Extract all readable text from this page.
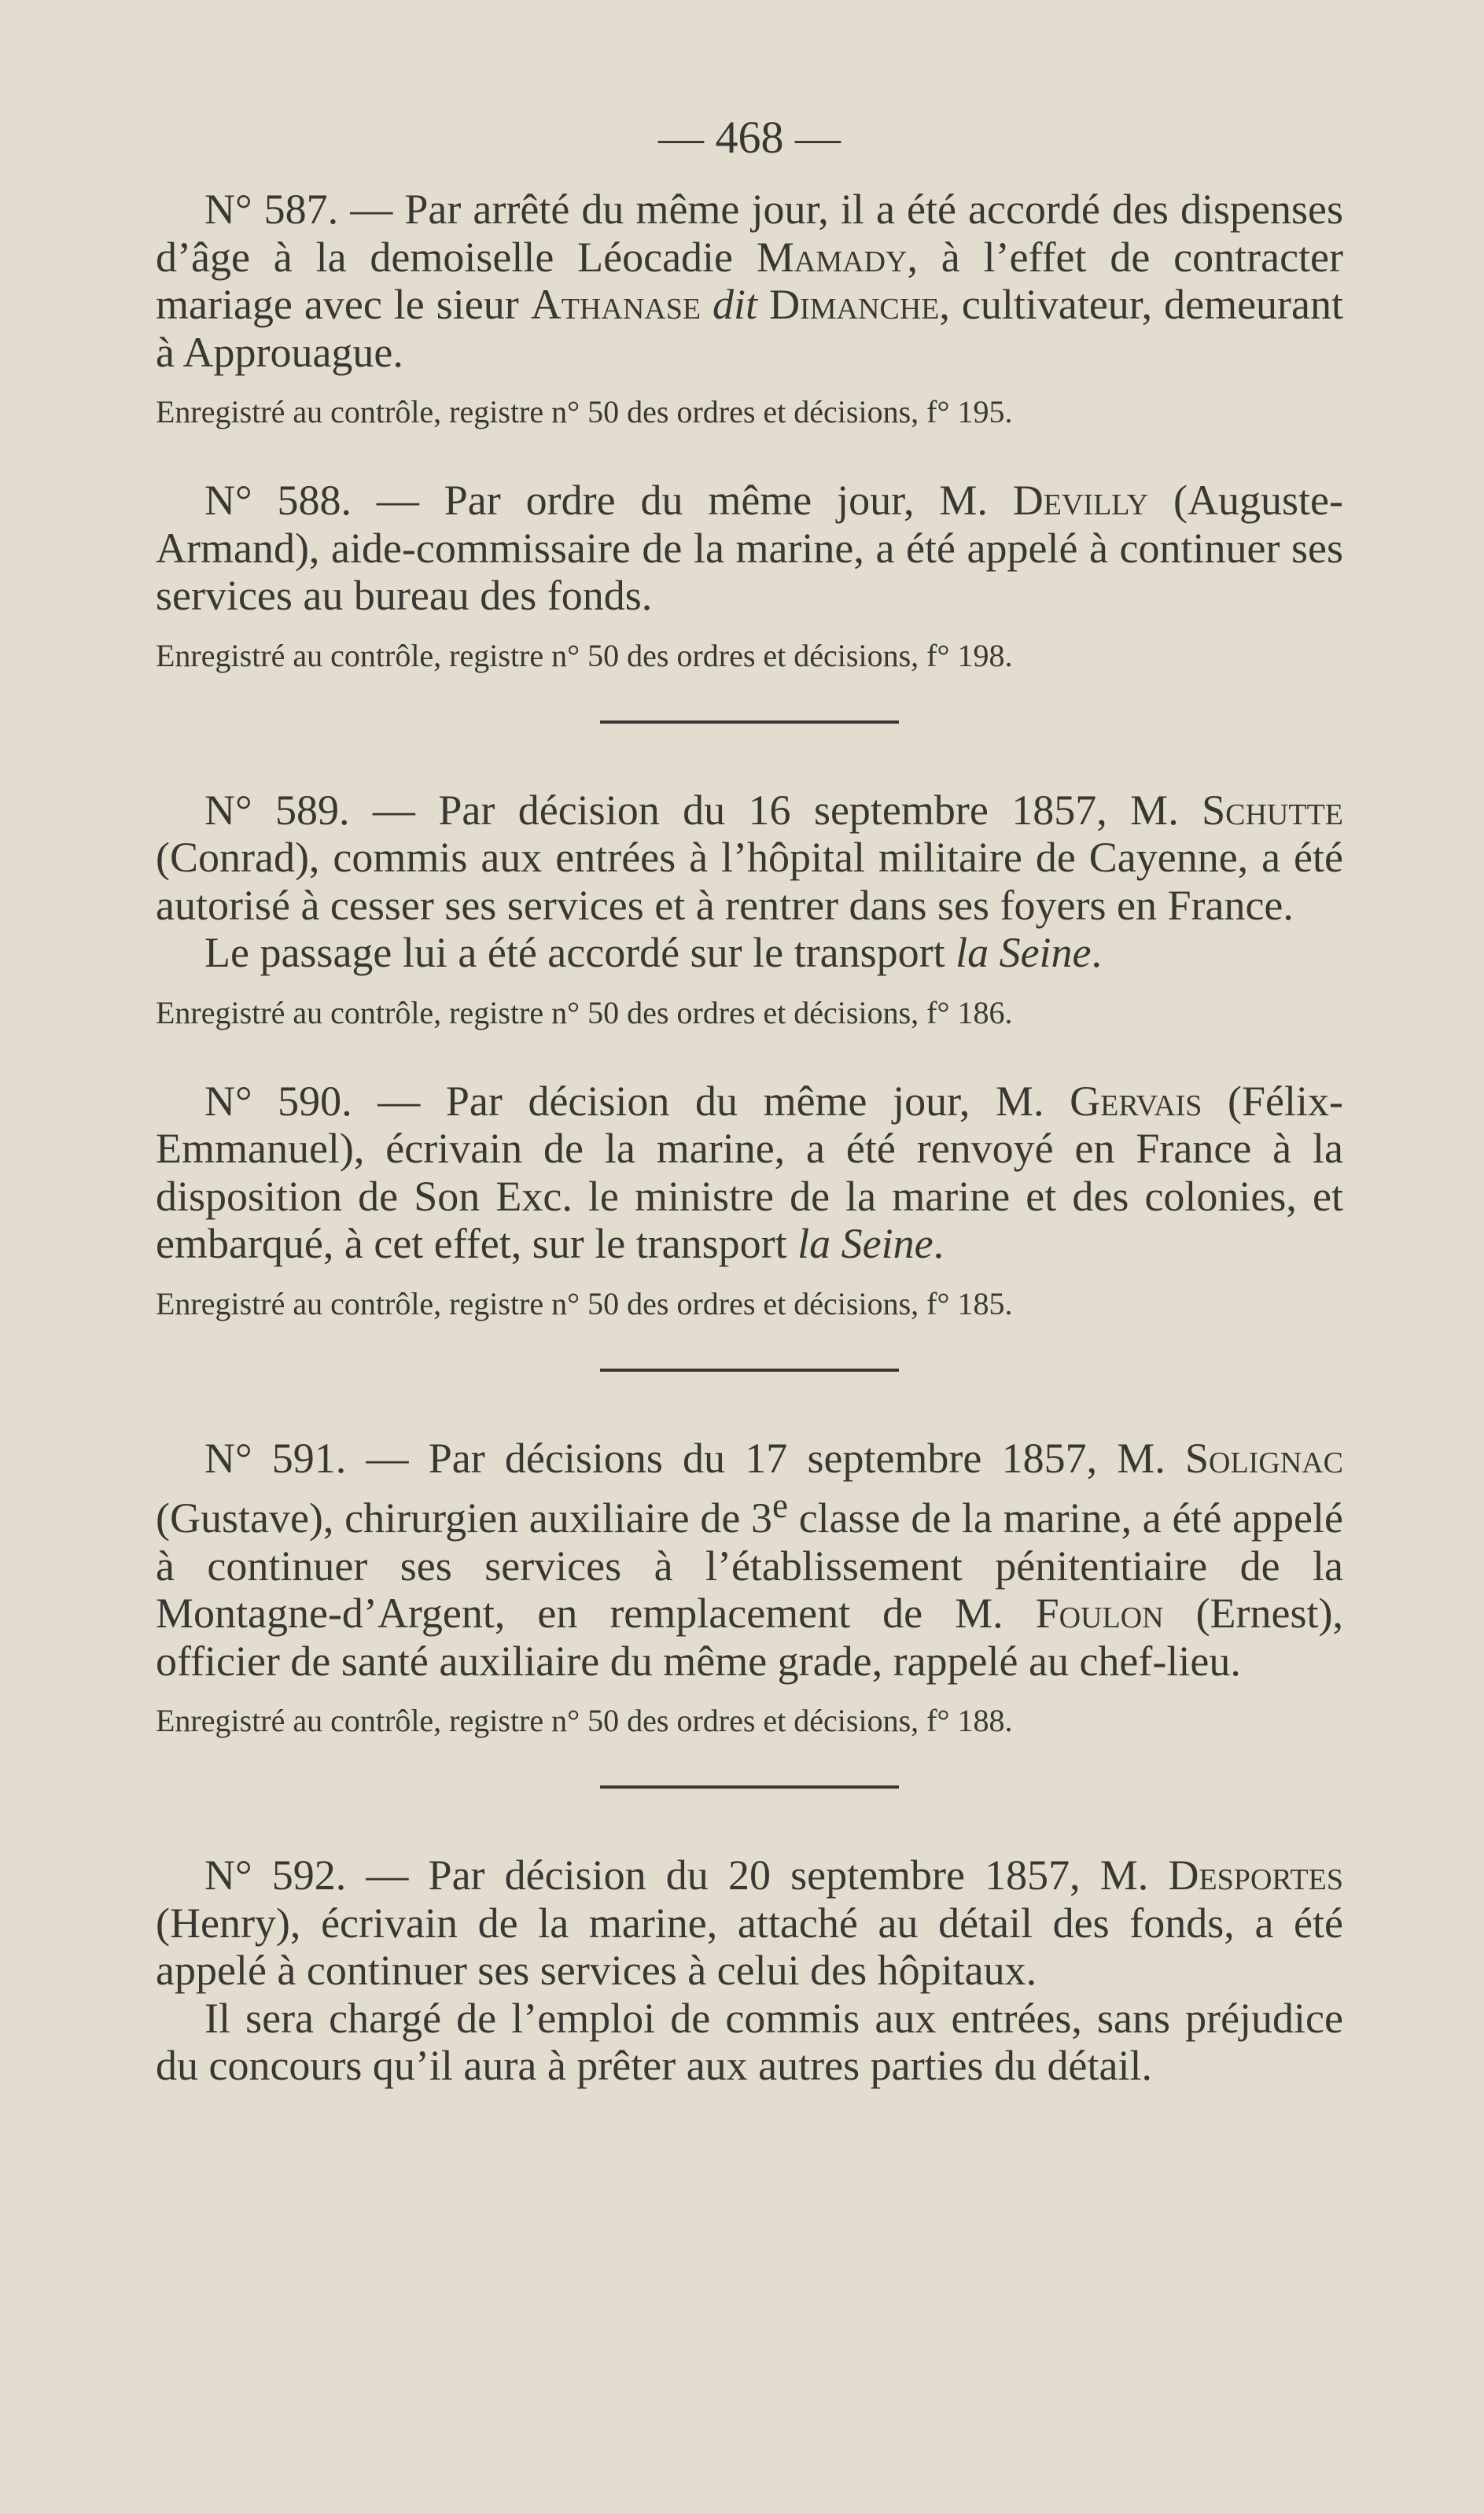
— 468 —

N° 587. — Par arrêté du même jour, il a été accordé des dispenses d’âge à la demoiselle Léocadie Mamady, à l’effet de contracter mariage avec le sieur Athanase dit Dimanche, cultivateur, demeurant à Approuague.

Enregistré au contrôle, registre n° 50 des ordres et décisions, f° 195.

N° 588. — Par ordre du même jour, M. Devilly (Auguste-Armand), aide-commissaire de la marine, a été appelé à continuer ses services au bureau des fonds.

Enregistré au contrôle, registre n° 50 des ordres et décisions, f° 198.

N° 589. — Par décision du 16 septembre 1857, M. Schutte (Conrad), commis aux entrées à l’hôpital militaire de Cayenne, a été autorisé à cesser ses services et à rentrer dans ses foyers en France.

Le passage lui a été accordé sur le transport la Seine.

Enregistré au contrôle, registre n° 50 des ordres et décisions, f° 186.

N° 590. — Par décision du même jour, M. Gervais (Félix-Emmanuel), écrivain de la marine, a été renvoyé en France à la disposition de Son Exc. le ministre de la marine et des colonies, et embarqué, à cet effet, sur le transport la Seine.

Enregistré au contrôle, registre n° 50 des ordres et décisions, f° 185.

N° 591. — Par décisions du 17 septembre 1857, M. Solignac (Gustave), chirurgien auxiliaire de 3e classe de la marine, a été appelé à continuer ses services à l’établissement pénitentiaire de la Montagne-d’Argent, en remplacement de M. Foulon (Ernest), officier de santé auxiliaire du même grade, rappelé au chef-lieu.

Enregistré au contrôle, registre n° 50 des ordres et décisions, f° 188.

N° 592. — Par décision du 20 septembre 1857, M. Desportes (Henry), écrivain de la marine, attaché au détail des fonds, a été appelé à continuer ses services à celui des hôpitaux.

Il sera chargé de l’emploi de commis aux entrées, sans préjudice du concours qu’il aura à prêter aux autres parties du détail.
